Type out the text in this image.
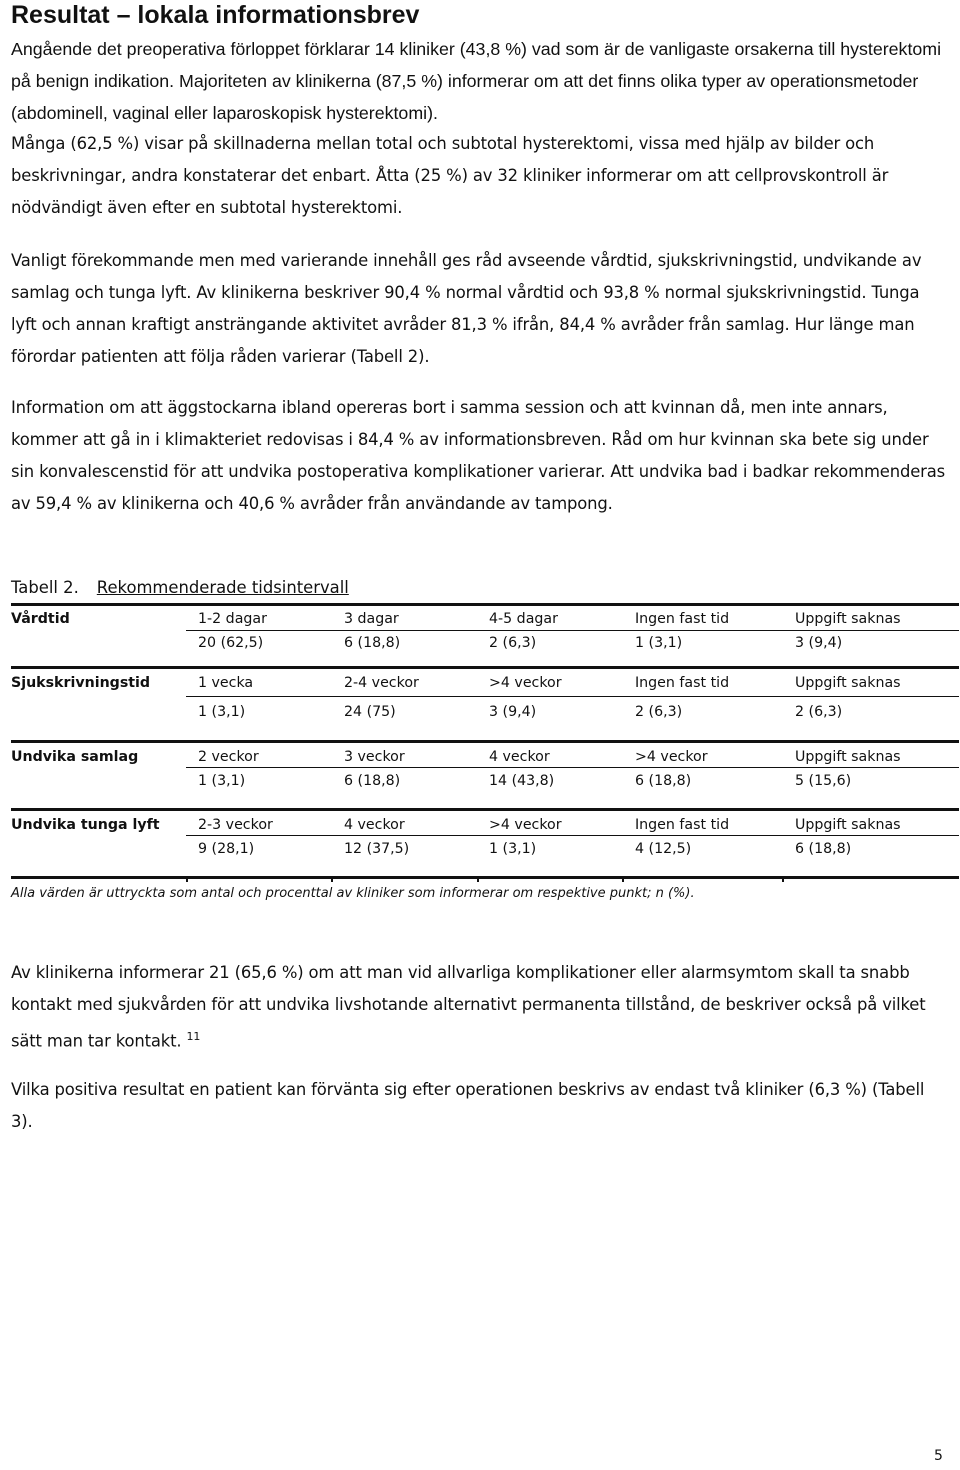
Resultat – lokala informationsbrev

Angående det preoperativa förloppet förklarar 14 kliniker (43,8 %) vad som är de vanligaste orsakerna till hysterektomi på benign indikation. Majoriteten av klinikerna (87,5 %) informerar om att det finns olika typer av operationsmetoder (abdominell, vaginal eller laparoskopisk hysterektomi).

Många (62,5 %) visar på skillnaderna mellan total och subtotal hysterektomi, vissa med hjälp av bilder och beskrivningar, andra konstaterar det enbart. Åtta (25 %) av 32 kliniker informerar om att cellprovskontroll är nödvändigt även efter en subtotal hysterektomi.

Vanligt förekommande men med varierande innehåll ges råd avseende vårdtid, sjukskrivningstid, undvikande av samlag och tunga lyft. Av klinikerna beskriver 90,4 % normal vårdtid och 93,8 % normal sjukskrivningstid. Tunga lyft och annan kraftigt ansträngande aktivitet avråder 81,3 % ifrån, 84,4 % avråder från samlag. Hur länge man förordar patienten att följa råden varierar (Tabell 2).

Information om att äggstockarna ibland opereras bort i samma session och att kvinnan då, men inte annars, kommer att gå in i klimakteriet redovisas i 84,4 % av informationsbreven. Råd om hur kvinnan ska bete sig under sin konvalescenstid för att undvika postoperativa komplikationer varierar. Att undvika bad i badkar rekommenderas av 59,4 % av klinikerna och 40,6 % avråder från användande av tampong.

Tabell 2. Rekommenderade tidsintervall
Vårdtid	1-2 dagar	3 dagar	4-5 dagar	Ingen fast tid	Uppgift saknas
20 (62,5)	6 (18,8)	2 (6,3)	1 (3,1)	3 (9,4)
Sjukskrivningstid	1 vecka	2-4 veckor	>4 veckor	Ingen fast tid	Uppgift saknas
1 (3,1)	24 (75)	3 (9,4)	2 (6,3)	2 (6,3)
Undvika samlag	2 veckor	3 veckor	4 veckor	>4 veckor	Uppgift saknas
1 (3,1)	6 (18,8)	14 (43,8)	6 (18,8)	5 (15,6)
Undvika tunga lyft	2-3 veckor	4 veckor	>4 veckor	Ingen fast tid	Uppgift saknas
9 (28,1)	12 (37,5)	1 (3,1)	4 (12,5)	6 (18,8)
Alla värden är uttryckta som antal och procenttal av kliniker som informerar om respektive punkt; n (%).

Av klinikerna informerar 21 (65,6 %) om att man vid allvarliga komplikationer eller alarmsymtom skall ta snabb kontakt med sjukvården för att undvika livshotande alternativt permanenta tillstånd, de beskriver också på vilket sätt man tar kontakt. $^{11}$

Vilka positiva resultat en patient kan förvänta sig efter operationen beskrivs av endast två kliniker (6,3 %) (Tabell 3).

5
